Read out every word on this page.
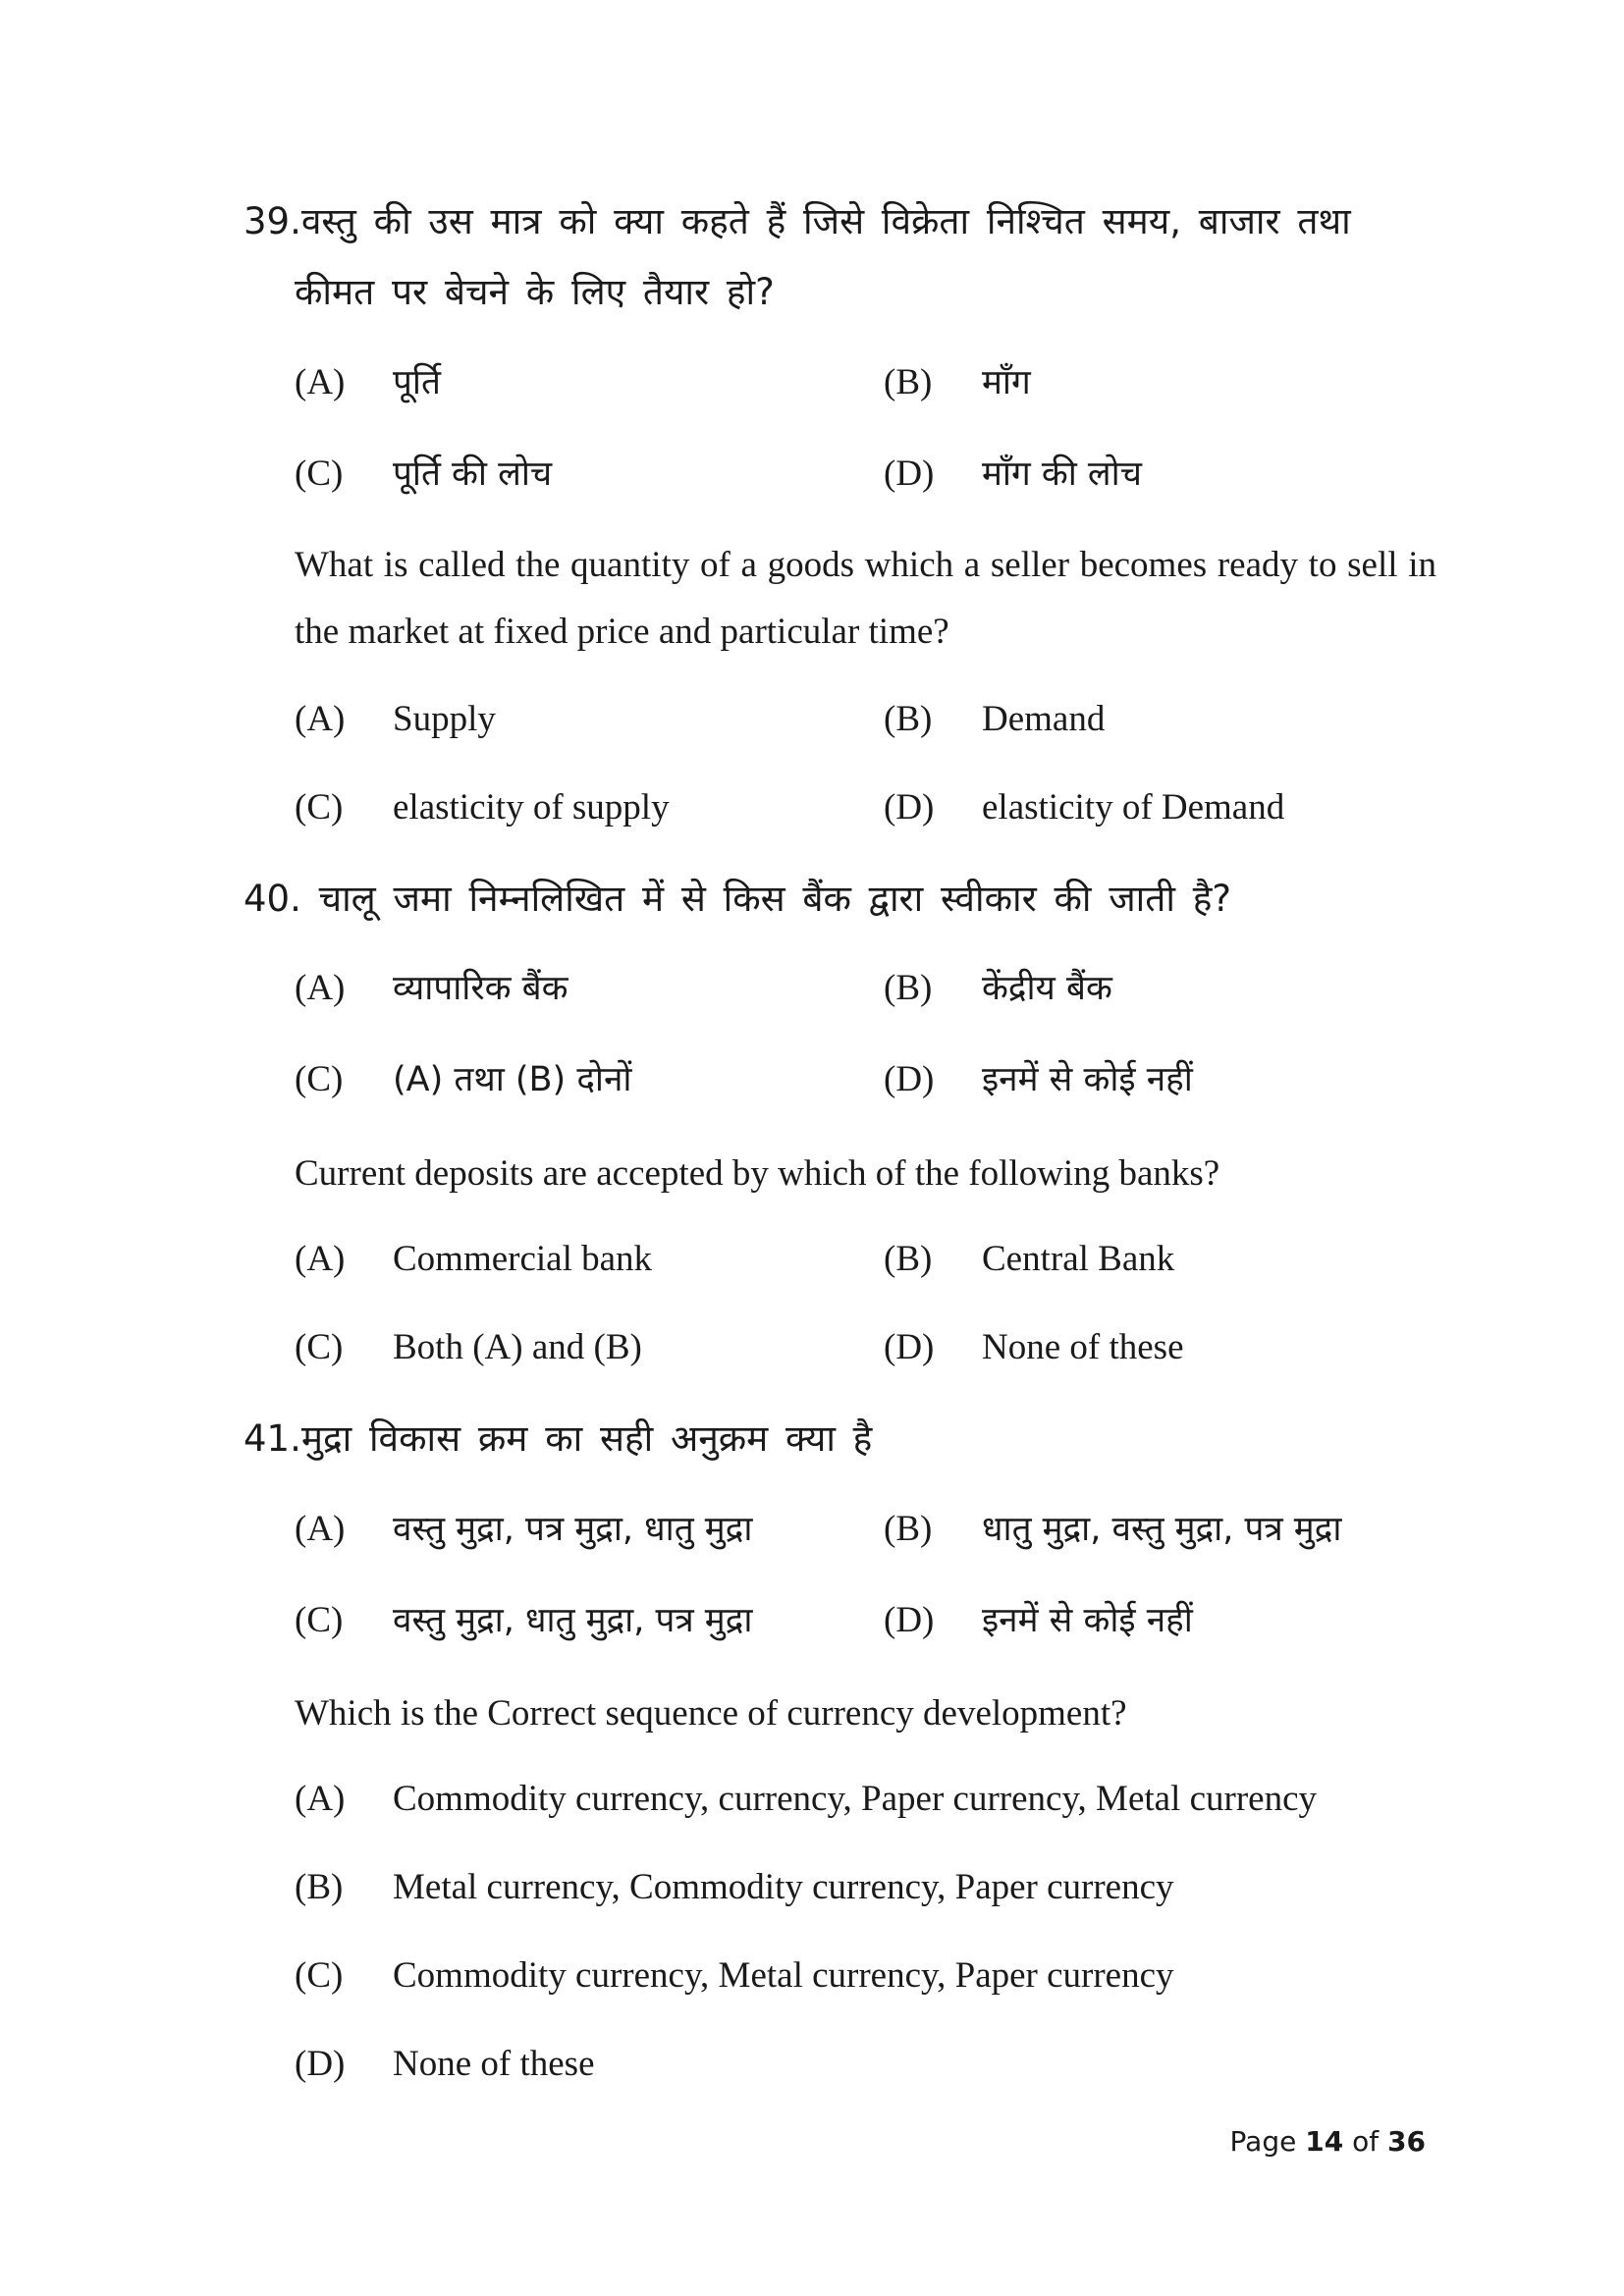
39.वस्तु की उस मात्र को क्या कहते हैं जिसे विक्रेता निश्चित समय, बाजार तथा
कीमत पर बेचने के लिए तैयार हो?
(A) पूर्ति	(B) माँग
(C) पूर्ति की लोच	(D) माँग की लोच
What is called the quantity of a goods which a seller becomes ready to sell in the market at fixed price and particular time?
(A) Supply	(B) Demand
(C) elasticity of supply	(D) elasticity of Demand
40. चालू जमा निम्नलिखित में से किस बैंक द्वारा स्वीकार की जाती है?
(A) व्यापारिक बैंक	(B) केंद्रीय बैंक
(C) (A) तथा (B) दोनों	(D) इनमें से कोई नहीं
Current deposits are accepted by which of the following banks?
(A) Commercial bank	(B) Central Bank
(C) Both (A) and (B)	(D) None of these
41.मुद्रा विकास क्रम का सही अनुक्रम क्या है
(A) वस्तु मुद्रा, पत्र मुद्रा, धातु मुद्रा	(B) धातु मुद्रा, वस्तु मुद्रा, पत्र मुद्रा
(C) वस्तु मुद्रा, धातु मुद्रा, पत्र मुद्रा	(D) इनमें से कोई नहीं
Which is the Correct sequence of currency development?
(A) Commodity currency, currency, Paper currency, Metal currency
(B) Metal currency, Commodity currency, Paper currency
(C) Commodity currency, Metal currency, Paper currency
(D) None of these
Page 14 of 36
